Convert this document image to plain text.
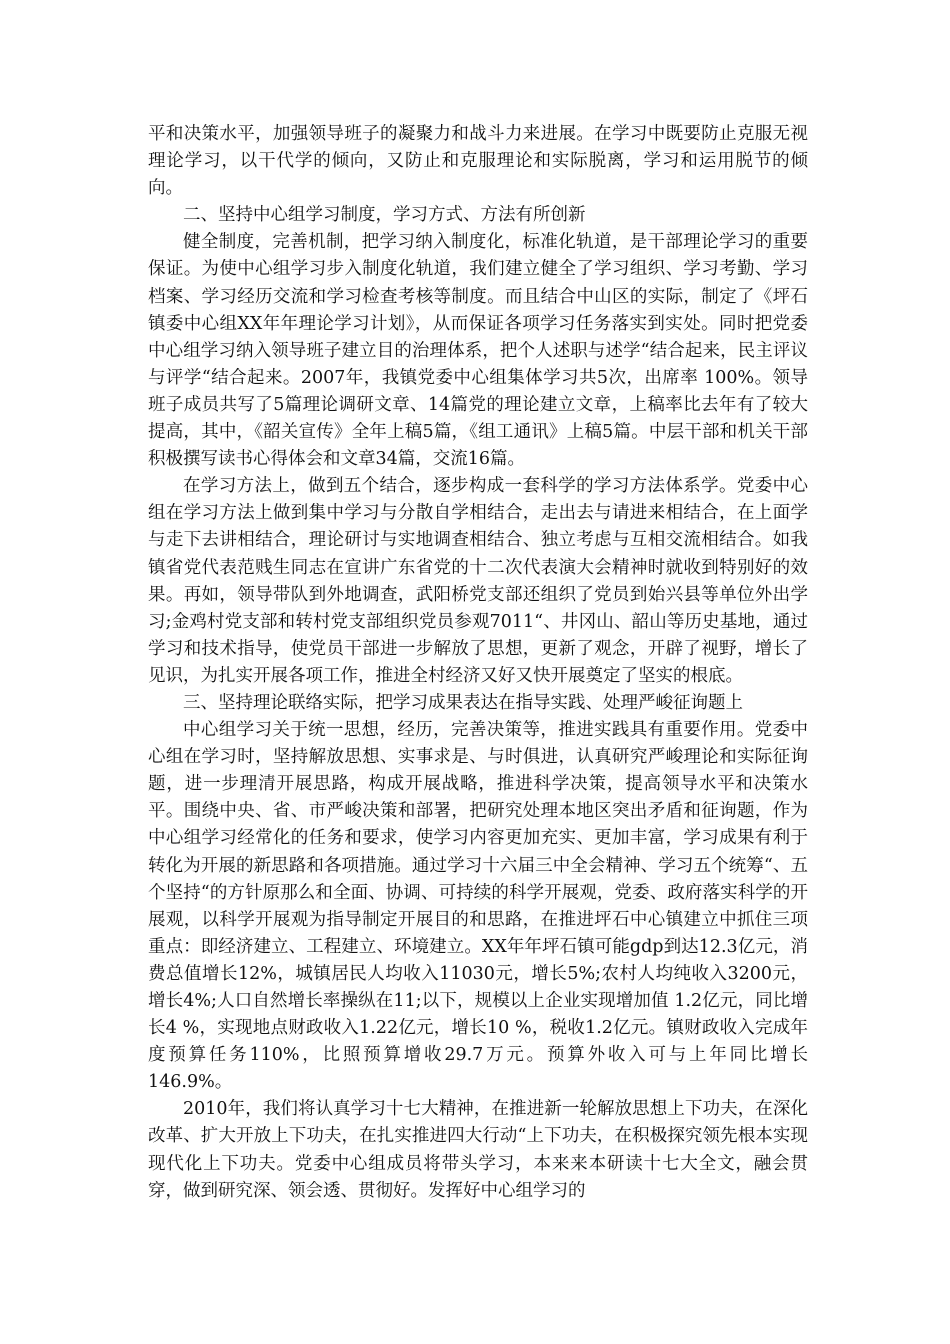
平和决策水平，加强领导班子的凝聚力和战斗力来进展。在学习中既要防止克服无视理论学习，以干代学的倾向，又防止和克服理论和实际脱离，学习和运用脱节的倾向。

二、坚持中心组学习制度，学习方式、方法有所创新

健全制度，完善机制，把学习纳入制度化，标准化轨道，是干部理论学习的重要保证。为使中心组学习步入制度化轨道，我们建立健全了学习组织、学习考勤、学习档案、学习经历交流和学习检查考核等制度。而且结合中山区的实际，制定了《坪石镇委中心组XX年年理论学习计划》，从而保证各项学习任务落实到实处。同时把党委中心组学习纳入领导班子建立目的治理体系，把个人述职与述学“结合起来，民主评议与评学“结合起来。2007年，我镇党委中心组集体学习共5次，出席率 100%。领导班子成员共写了5篇理论调研文章、14篇党的理论建立文章，上稿率比去年有了较大提高，其中，《韶关宣传》全年上稿5篇，《组工通讯》上稿5篇。中层干部和机关干部积极撰写读书心得体会和文章34篇，交流16篇。

在学习方法上，做到五个结合，逐步构成一套科学的学习方法体系学。党委中心组在学习方法上做到集中学习与分散自学相结合，走出去与请进来相结合，在上面学与走下去讲相结合，理论研讨与实地调查相结合、独立考虑与互相交流相结合。如我镇省党代表范贱生同志在宣讲广东省党的十二次代表演大会精神时就收到特别好的效果。再如，领导带队到外地调查，武阳桥党支部还组织了党员到始兴县等单位外出学习;金鸡村党支部和转村党支部组织党员参观7011“、井冈山、韶山等历史基地，通过学习和技术指导，使党员干部进一步解放了思想，更新了观念，开辟了视野，增长了见识，为扎实开展各项工作，推进全村经济又好又快开展奠定了坚实的根底。

三、坚持理论联络实际，把学习成果表达在指导实践、处理严峻征询题上

中心组学习关于统一思想，经历，完善决策等，推进实践具有重要作用。党委中心组在学习时，坚持解放思想、实事求是、与时俱进，认真研究严峻理论和实际征询题，进一步理清开展思路，构成开展战略，推进科学决策，提高领导水平和决策水平。围绕中央、省、市严峻决策和部署，把研究处理本地区突出矛盾和征询题，作为中心组学习经常化的任务和要求，使学习内容更加充实、更加丰富，学习成果有利于转化为开展的新思路和各项措施。通过学习十六届三中全会精神、学习五个统筹“、五个坚持“的方针原那么和全面、协调、可持续的科学开展观，党委、政府落实科学的开展观，以科学开展观为指导制定开展目的和思路，在推进坪石中心镇建立中抓住三项重点：即经济建立、工程建立、环境建立。XX年年坪石镇可能gdp到达12.3亿元，消费总值增长12%，城镇居民人均收入11030元，增长5%;农村人均纯收入3200元，增长4%;人口自然增长率操纵在11;以下，规模以上企业实现增加值 1.2亿元，同比增长4 %，实现地点财政收入1.22亿元，增长10 %，税收1.2亿元。镇财政收入完成年度预算任务110%，比照预算增收29.7万元。预算外收入可与上年同比增长146.9%。

2010年，我们将认真学习十七大精神，在推进新一轮解放思想上下功夫，在深化改革、扩大开放上下功夫，在扎实推进四大行动“上下功夫，在积极探究领先根本实现现代化上下功夫。党委中心组成员将带头学习，本来来本研读十七大全文，融会贯穿，做到研究深、领会透、贯彻好。发挥好中心组学习的
